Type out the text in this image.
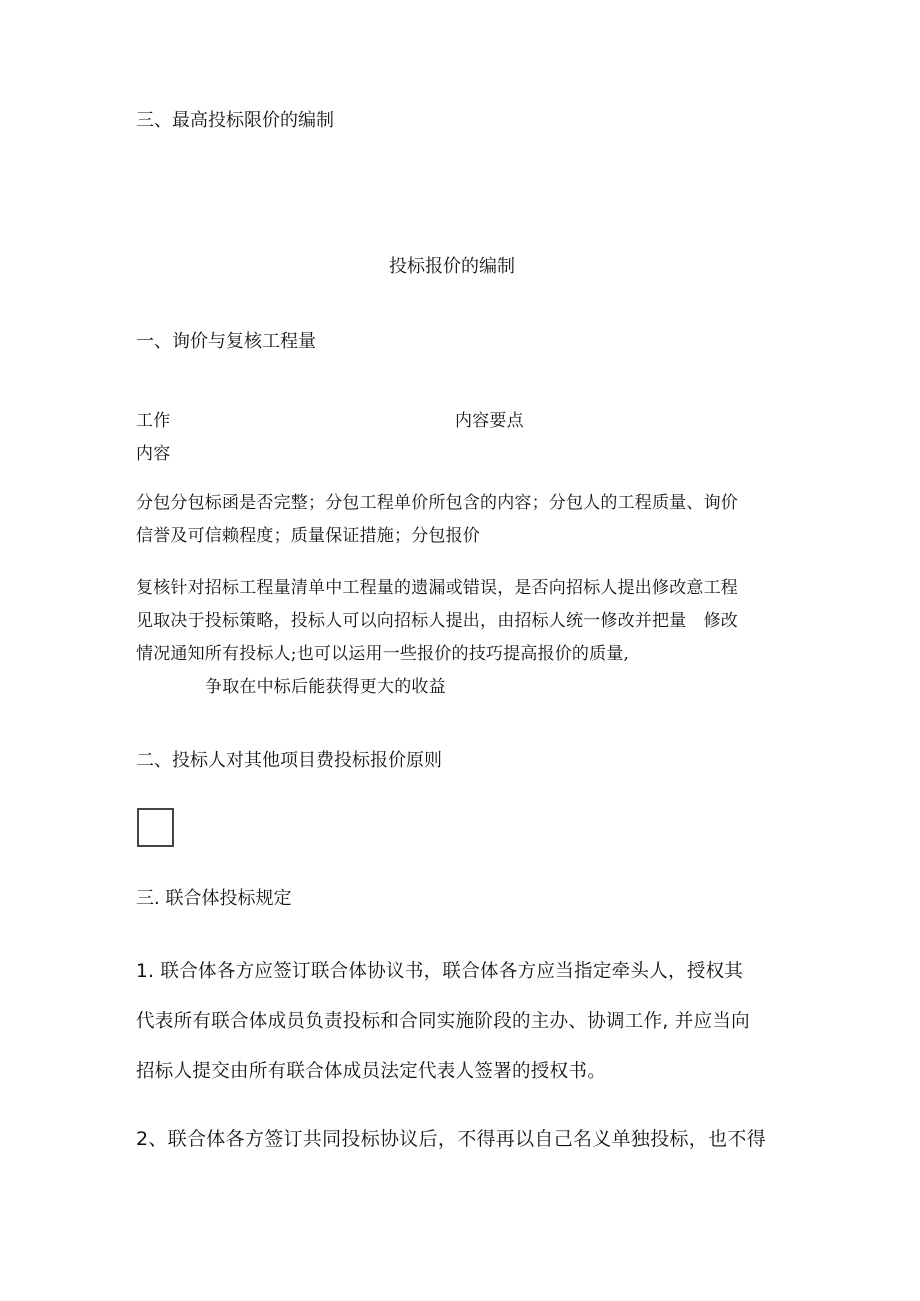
三、最高投标限价的编制
投标报价的编制
一、询价与复核工程量
工作	内容要点
内容
分包分包标函是否完整；分包工程单价所包含的内容；分包人的工程质量、询价
信誉及可信赖程度；质量保证措施；分包报价
复核针对招标工程量清单中工程量的遗漏或错误，是否向招标人提出修改意工程
见取决于投标策略，投标人可以向招标人提出，由招标人统一修改并把量　修改
情况通知所有投标人;也可以运用一些报价的技巧提高报价的质量,
争取在中标后能获得更大的收益
二、投标人对其他项目费投标报价原则
三. 联合体投标规定
1. 联合体各方应签订联合体协议书，联合体各方应当指定牵头人，授权其
代表所有联合体成员负责投标和合同实施阶段的主办、协调工作, 并应当向
招标人提交由所有联合体成员法定代表人签署的授权书。
2、联合体各方签订共同投标协议后，不得再以自己名义单独投标，也不得
